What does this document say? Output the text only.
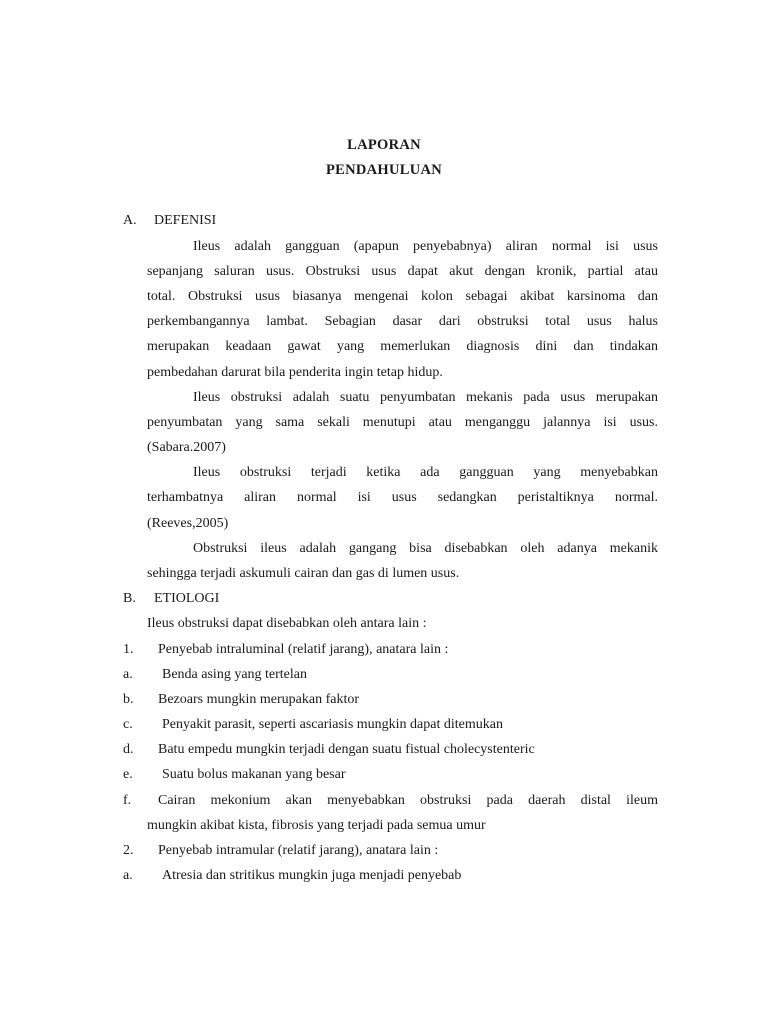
LAPORAN
PENDAHULUAN
A. DEFENISI
Ileus adalah gangguan (apapun penyebabnya) aliran normal isi usus
sepanjang saluran usus. Obstruksi usus dapat akut dengan kronik, partial atau
total. Obstruksi usus biasanya mengenai kolon sebagai akibat karsinoma dan
perkembangannya lambat. Sebagian dasar dari obstruksi total usus halus
merupakan keadaan gawat yang memerlukan diagnosis dini dan tindakan
pembedahan darurat bila penderita ingin tetap hidup.
Ileus obstruksi adalah suatu penyumbatan mekanis pada usus merupakan
penyumbatan yang sama sekali menutupi atau menganggu jalannya isi usus.
(Sabara.2007)
Ileus obstruksi terjadi ketika ada gangguan yang menyebabkan
terhambatnya aliran normal isi usus sedangkan peristaltiknya normal.
(Reeves,2005)
Obstruksi ileus adalah gangang bisa disebabkan oleh adanya mekanik
sehingga terjadi askumuli cairan dan gas di lumen usus.
B. ETIOLOGI
Ileus obstruksi dapat disebabkan oleh antara lain :
1. Penyebab intraluminal (relatif jarang), anatara lain :
a. Benda asing yang tertelan
b. Bezoars mungkin merupakan faktor
c. Penyakit parasit, seperti ascariasis mungkin dapat ditemukan
d. Batu empedu mungkin terjadi dengan suatu fistual cholecystenteric
e. Suatu bolus makanan yang besar
f. Cairan mekonium akan menyebabkan obstruksi pada daerah distal ileum
mungkin akibat kista, fibrosis yang terjadi pada semua umur
2. Penyebab intramular (relatif jarang), anatara lain :
a. Atresia dan stritikus mungkin juga menjadi penyebab
